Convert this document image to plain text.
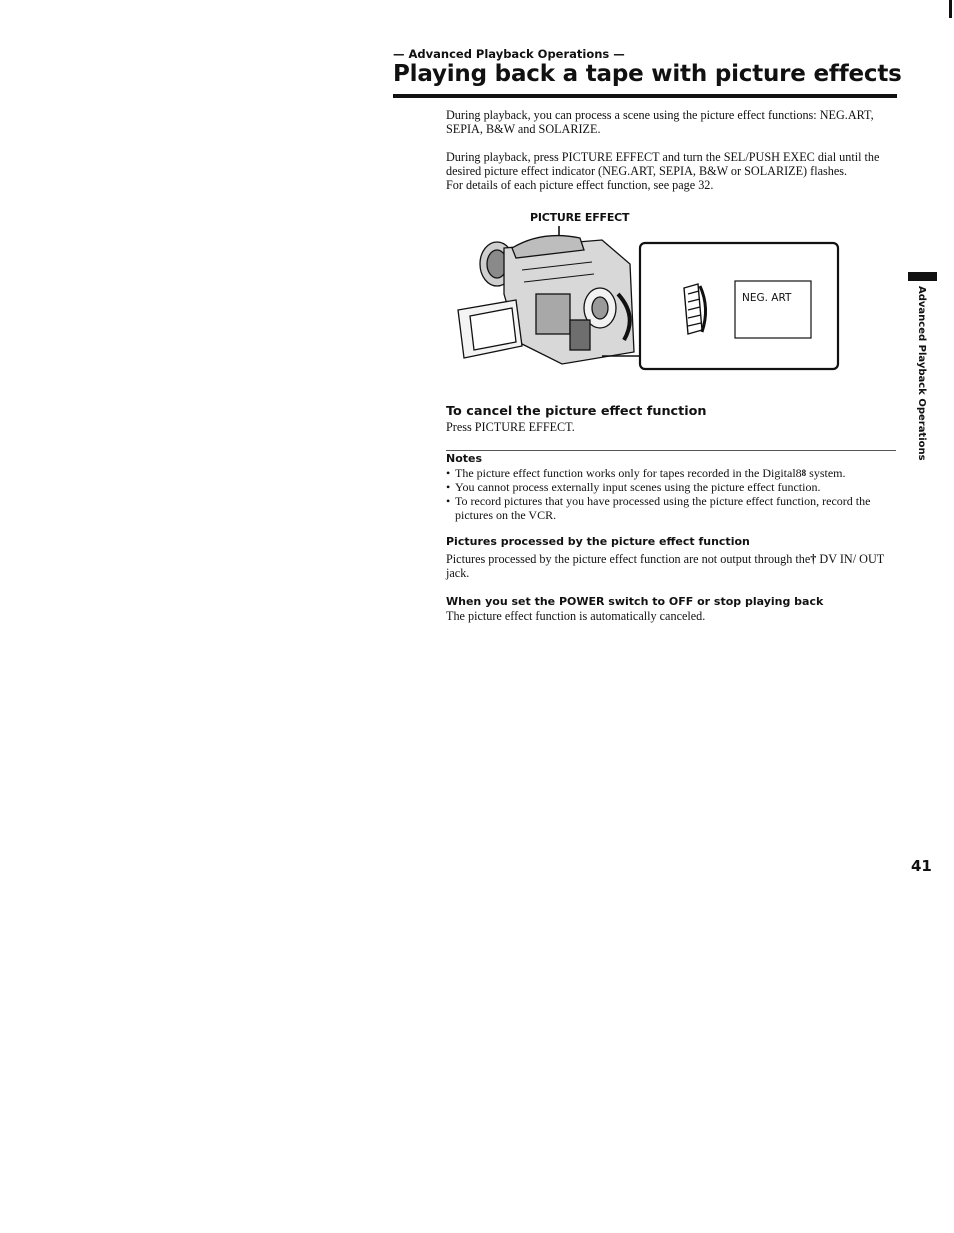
— Advanced Playback Operations —
Playing back a tape with picture effects

During playback, you can process a scene using the picture effect functions: NEG.ART, SEPIA, B&W and SOLARIZE.

During playback, press PICTURE EFFECT and turn the SEL/PUSH EXEC dial until the desired picture effect indicator (NEG.ART, SEPIA, B&W or SOLARIZE) flashes.
For details of each picture effect function, see page 32.
PICTURE EFFECT
NEG. ART
To cancel the picture effect function
Press PICTURE EFFECT.
Notes
• The picture effect function works only for tapes recorded in the Digital88 system.
• You cannot process externally input scenes using the picture effect function.
• To record pictures that you have processed using the picture effect function, record the pictures on the VCR.
Pictures processed by the picture effect function
Pictures processed by the picture effect function are not output through the† DV IN/ OUT jack.
When you set the POWER switch to OFF or stop playing back
The picture effect function is automatically canceled.
Advanced Playback Operations
41
